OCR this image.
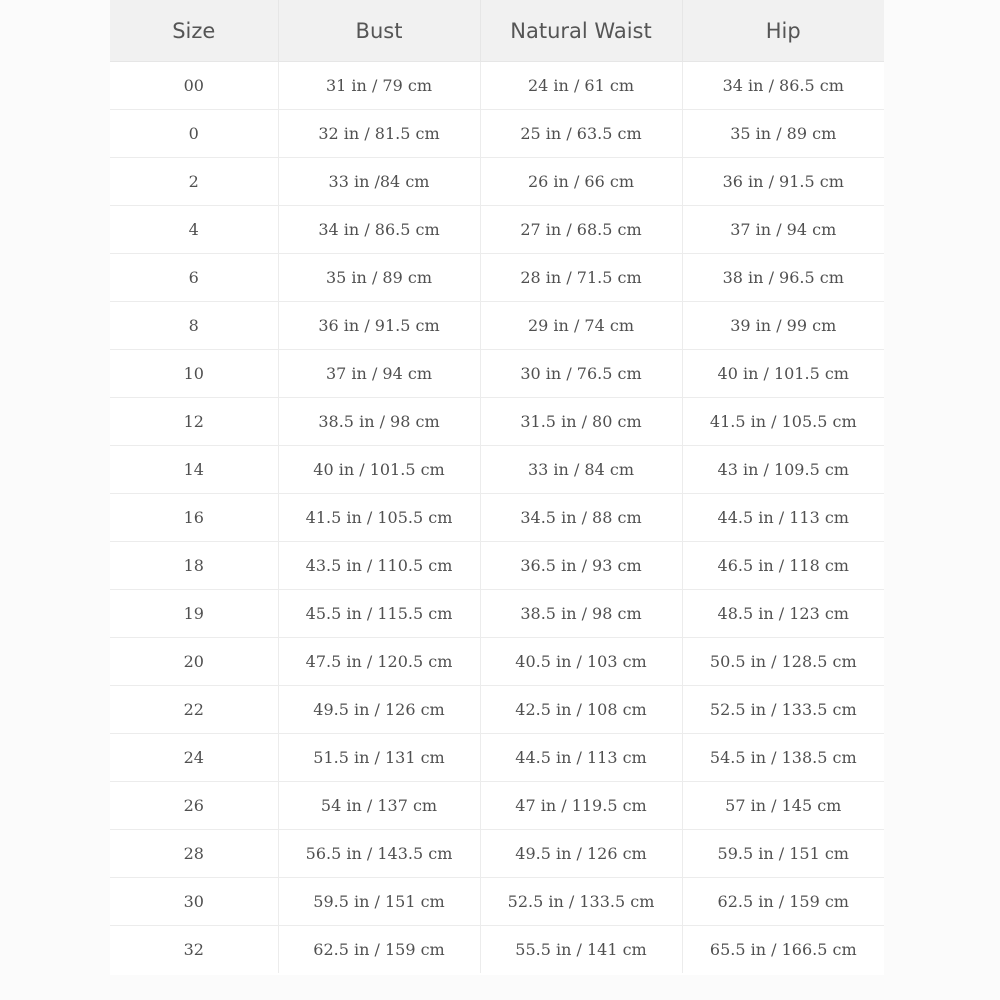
Size	Bust	Natural Waist	Hip
00	31 in / 79 cm	24 in / 61 cm	34 in / 86.5 cm
0	32 in / 81.5 cm	25 in / 63.5 cm	35 in / 89 cm
2	33 in /84 cm	26 in / 66 cm	36 in / 91.5 cm
4	34 in / 86.5 cm	27 in / 68.5 cm	37 in / 94 cm
6	35 in / 89 cm	28 in / 71.5 cm	38 in / 96.5 cm
8	36 in / 91.5 cm	29 in / 74 cm	39 in / 99 cm
10	37 in / 94 cm	30 in / 76.5 cm	40 in / 101.5 cm
12	38.5 in / 98 cm	31.5 in / 80 cm	41.5 in / 105.5 cm
14	40 in / 101.5 cm	33 in / 84 cm	43 in / 109.5 cm
16	41.5 in / 105.5 cm	34.5 in / 88 cm	44.5 in / 113 cm
18	43.5 in / 110.5 cm	36.5 in / 93 cm	46.5 in / 118 cm
19	45.5 in / 115.5 cm	38.5 in / 98 cm	48.5 in / 123 cm
20	47.5 in / 120.5 cm	40.5 in / 103 cm	50.5 in / 128.5 cm
22	49.5 in / 126 cm	42.5 in / 108 cm	52.5 in / 133.5 cm
24	51.5 in / 131 cm	44.5 in / 113 cm	54.5 in / 138.5 cm
26	54 in / 137 cm	47 in / 119.5 cm	57 in / 145 cm
28	56.5 in / 143.5 cm	49.5 in / 126 cm	59.5 in / 151 cm
30	59.5 in / 151 cm	52.5 in / 133.5 cm	62.5 in / 159 cm
32	62.5 in / 159 cm	55.5 in / 141 cm	65.5 in / 166.5 cm
